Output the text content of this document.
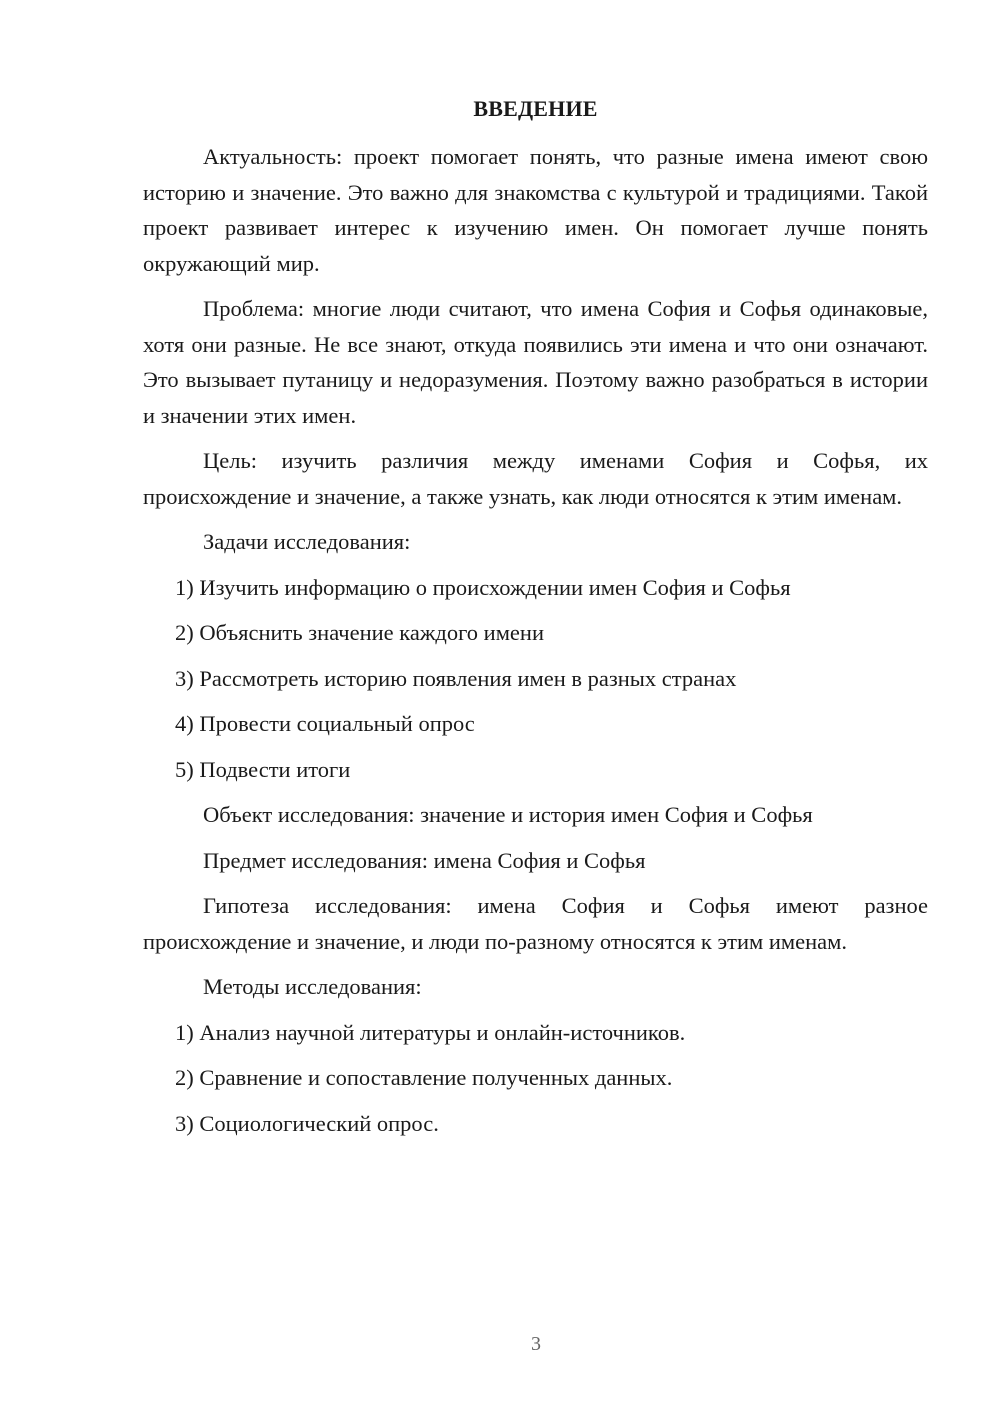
ВВЕДЕНИЕ

Актуальность: проект помогает понять, что разные имена имеют свою историю и значение. Это важно для знакомства с культурой и традициями. Такой проект развивает интерес к изучению имен. Он помогает лучше понять окружающий мир.

Проблема: многие люди считают, что имена София и Софья одинаковые, хотя они разные. Не все знают, откуда появились эти имена и что они означают. Это вызывает путаницу и недоразумения. Поэтому важно разобраться в истории и значении этих имен.

Цель: изучить различия между именами София и Софья, их происхождение и значение, а также узнать, как люди относятся к этим именам.

Задачи исследования:

1) Изучить информацию о происхождении имен София и Софья

2) Объяснить значение каждого имени

3) Рассмотреть историю появления имен в разных странах

4) Провести социальный опрос

5) Подвести итоги

Объект исследования: значение и история имен София и Софья

Предмет исследования: имена София и Софья

Гипотеза исследования: имена София и Софья имеют разное происхождение и значение, и люди по-разному относятся к этим именам.

Методы исследования:

1) Анализ научной литературы и онлайн-источников.

2) Сравнение и сопоставление полученных данных.

3) Социологический опрос.

3
